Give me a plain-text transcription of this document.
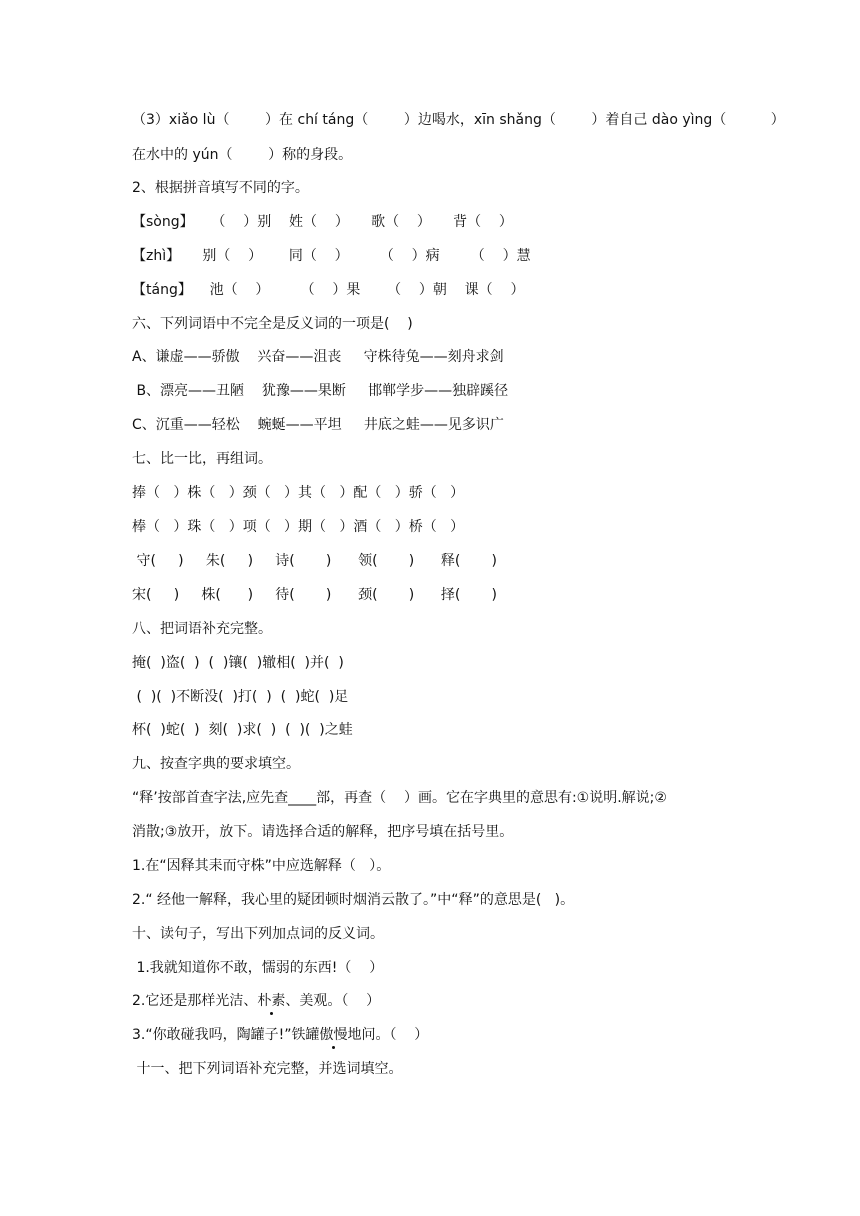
（3）xiǎo lù（        ）在 chí táng（        ）边喝水，xīn shǎng（        ）着自己 dào yìng（          ）
在水中的 yún（        ）称的身段。
2、根据拼音填写不同的字。
【sòng】    （    ）别    姓（    ）     歌（    ）     背（    ）
【zhì】     别（    ）      同（    ）       （    ）病       （    ）慧
【táng】    池（    ）       （    ）果      （    ）朝    课（    ）
六、下列词语中不完全是反义词的一项是(    )
A、谦虚——骄傲    兴奋——沮丧     守株待兔——刻舟求剑
B、漂亮——丑陋    犹豫——果断     邯郸学步——独辟蹊径
C、沉重——轻松    蜿蜒——平坦     井底之蛙——见多识广
七、比一比，再组词。
捧（   ）株（   ）颈（   ）其（   ）配（   ）骄（   ）
棒（   ）珠（   ）项（   ）期（   ）酒（   ）桥（   ）
守(     )     朱(     )     诗(       )      领(       )      释(       )
宋(     )     株(      )     待(       )      颈(       )      择(       )
八、把词语补充完整。
掩(  )盗(  )  (  )镶(  )辙相(  )并(  )
(  )(  )不断没(  )打(  )  (  )蛇(  )足
杯(  )蛇(  )  刻(  )求(  )  (  )(  )之蛙
九、按查字典的要求填空。
“释’按部首查字法,应先查____部，再查（    ）画。它在字典里的意思有:①说明.解说;②
消散;③放开，放下。请选择合适的解释，把序号填在括号里。
1.在“因释其耒而守株”中应选解释（   ）。
2.“ 经他一解释，我心里的疑团顿时烟消云散了。”中“释”的意思是(   )。
十、读句子，写出下列加点词的反义词。
1.我就知道你不敢，懦弱的东西!（    ）
2.它还是那样光洁、朴素、美观。（    ）
3.“你敢碰我吗，陶罐子!”铁罐傲慢地问。（    ）
十一、把下列词语补充完整，并选词填空。
